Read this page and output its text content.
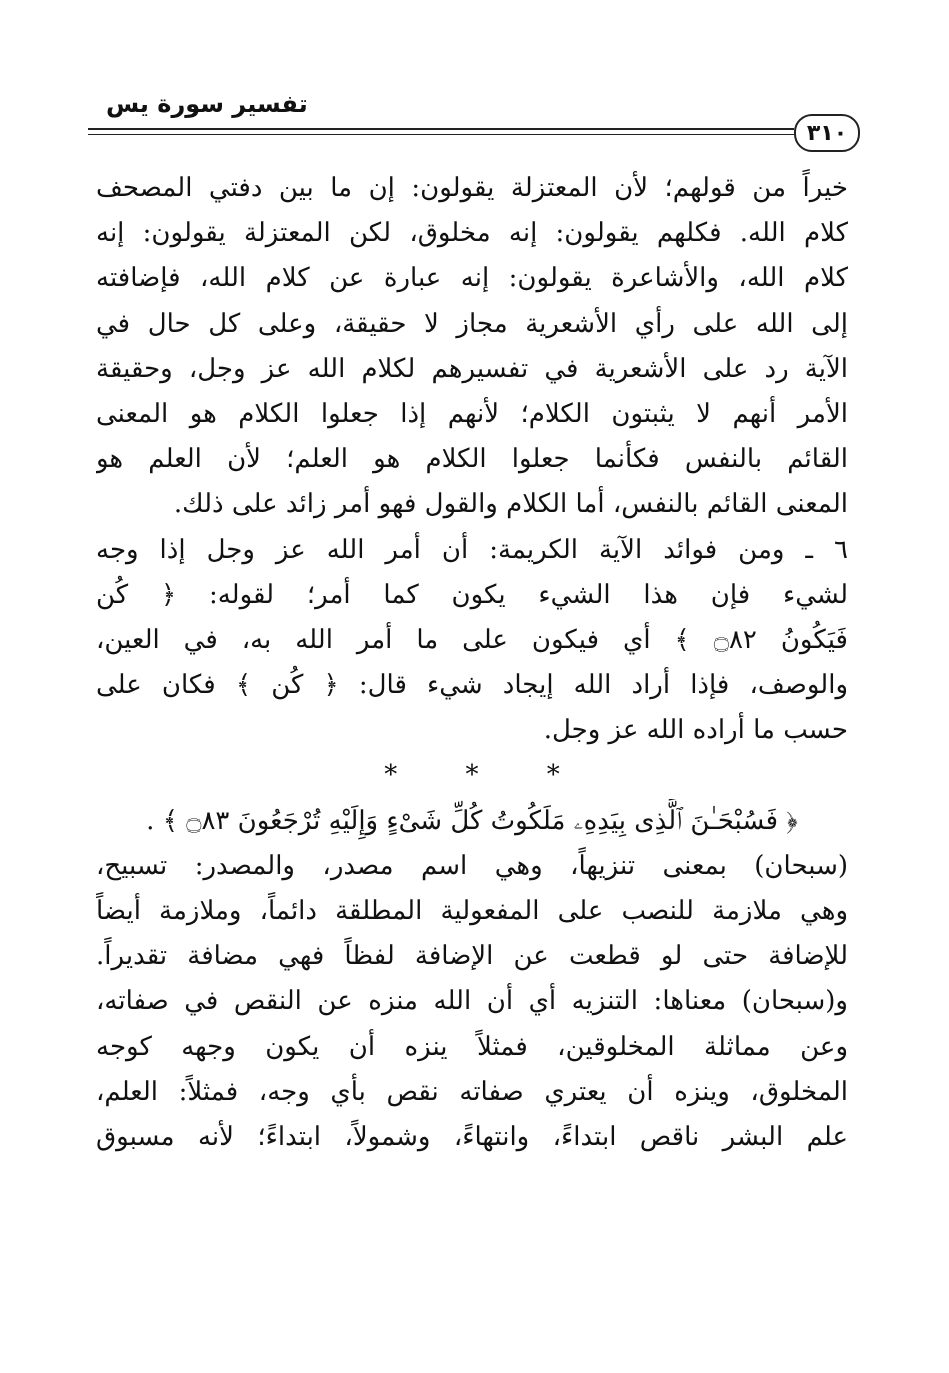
تفسير سورة يس
٣١٠
خيراً من قولهم؛ لأن المعتزلة يقولون: إن ما بين دفتي المصحف
كلام الله. فكلهم يقولون: إنه مخلوق، لكن المعتزلة يقولون: إنه
كلام الله، والأشاعرة يقولون: إنه عبارة عن كلام الله، فإضافته
إلى الله على رأي الأشعرية مجاز لا حقيقة، وعلى كل حال في
الآية رد على الأشعرية في تفسيرهم لكلام الله عز وجل، وحقيقة
الأمر أنهم لا يثبتون الكلام؛ لأنهم إذا جعلوا الكلام هو المعنى
القائم بالنفس فكأنما جعلوا الكلام هو العلم؛ لأن العلم هو
المعنى القائم بالنفس، أما الكلام والقول فهو أمر زائد على ذلك.
٦ ـ ومن فوائد الآية الكريمة: أن أمر الله عز وجل إذا وجه
لشيء فإن هذا الشيء يكون كما أمر؛ لقوله: ﴿ كُن
فَيَكُونُ ۝٨٢ ﴾ أي فيكون على ما أمر الله به، في العين،
والوصف، فإذا أراد الله إيجاد شيء قال: ﴿ كُن ﴾ فكان على
حسب ما أراده الله عز وجل.
* * *
﴿ فَسُبْحَـٰنَ ٱلَّذِى بِيَدِهِۦ مَلَكُوتُ كُلِّ شَىْءٍ وَإِلَيْهِ تُرْجَعُونَ ۝٨٣ ﴾ .
(سبحان) بمعنى تنزيهاً، وهي اسم مصدر، والمصدر: تسبيح،
وهي ملازمة للنصب على المفعولية المطلقة دائماً، وملازمة أيضاً
للإضافة حتى لو قطعت عن الإضافة لفظاً فهي مضافة تقديراً.
و(سبحان) معناها: التنزيه أي أن الله منزه عن النقص في صفاته،
وعن مماثلة المخلوقين، فمثلاً ينزه أن يكون وجهه كوجه
المخلوق، وينزه أن يعتري صفاته نقص بأي وجه، فمثلاً: العلم،
علم البشر ناقص ابتداءً، وانتهاءً، وشمولاً، ابتداءً؛ لأنه مسبوق
